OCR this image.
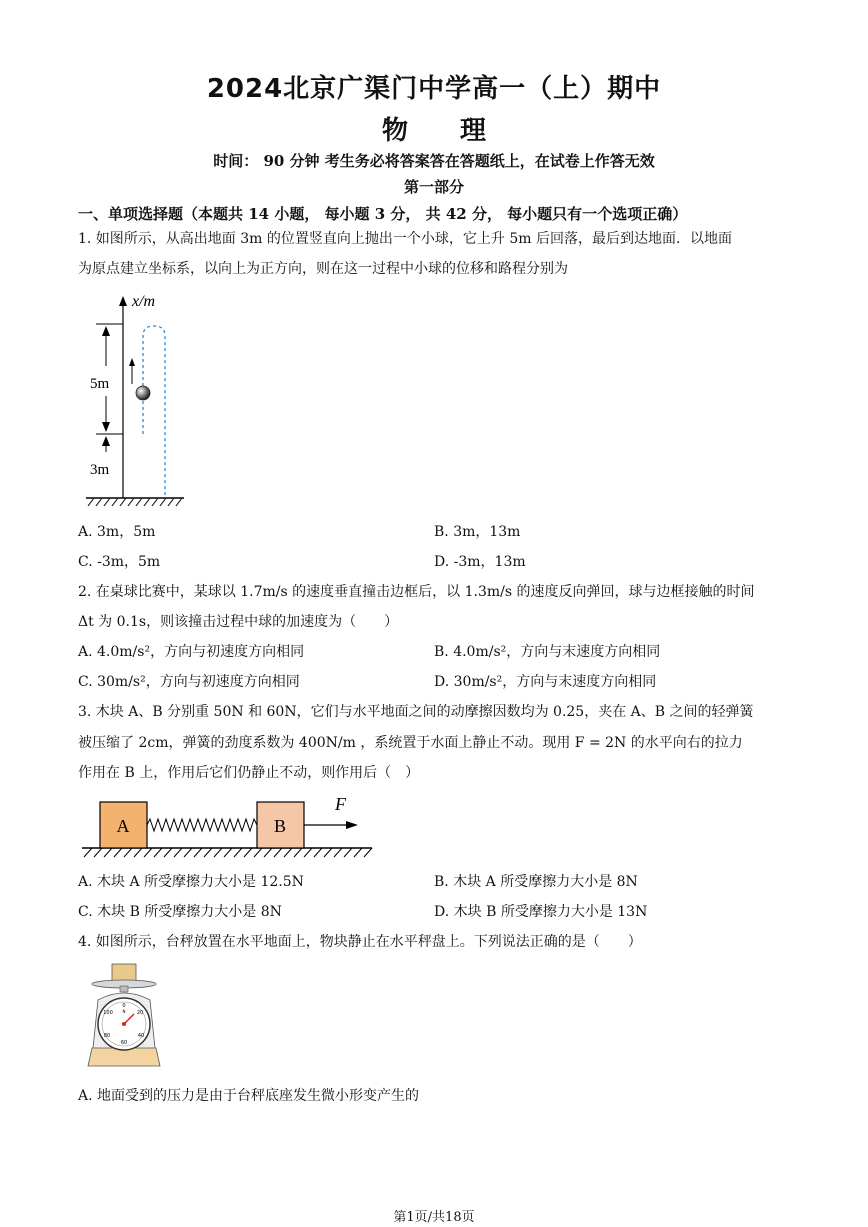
2024北京广渠门中学高一（上）期中
物　　理
时间： 90 分钟 考生务必将答案答在答题纸上，在试卷上作答无效
第一部分
一、单项选择题（本题共 14 小题， 每小题 3 分， 共 42 分， 每小题只有一个选项正确）
1. 如图所示，从高出地面 3m 的位置竖直向上抛出一个小球，它上升 5m 后回落，最后到达地面．以地面
为原点建立坐标系，以向上为正方向，则在这一过程中小球的位移和路程分别为
x/m
5m
3m
A. 3m，5m	B. 3m，13m
C. -3m，5m	D. -3m，13m
2. 在桌球比赛中，某球以 1.7m/s 的速度垂直撞击边框后，以 1.3m/s 的速度反向弹回，球与边框接触的时间
Δt 为 0.1s，则该撞击过程中球的加速度为（　　）
A. 4.0m/s²，方向与初速度方向相同	B. 4.0m/s²，方向与末速度方向相同
C. 30m/s²，方向与初速度方向相同	D. 30m/s²，方向与末速度方向相同
3. 木块 A、B 分别重 50N 和 60N，它们与水平地面之间的动摩擦因数均为 0.25，夹在 A、B 之间的轻弹簧
被压缩了 2cm，弹簧的劲度系数为 400N/m ，系统置于水面上静止不动。现用 F = 2N 的水平向右的拉力
作用在 B 上，作用后它们仍静止不动，则作用后（　）
A	B
F
A. 木块 A 所受摩擦力大小是 12.5N	B. 木块 A 所受摩擦力大小是 8N
C. 木块 B 所受摩擦力大小是 8N	D. 木块 B 所受摩擦力大小是 13N
4. 如图所示，台秤放置在水平地面上，物块静止在水平秤盘上。下列说法正确的是（　　）
0
N 20
40
60
80
100
A. 地面受到的压力是由于台秤底座发生微小形变产生的
第1页/共18页
